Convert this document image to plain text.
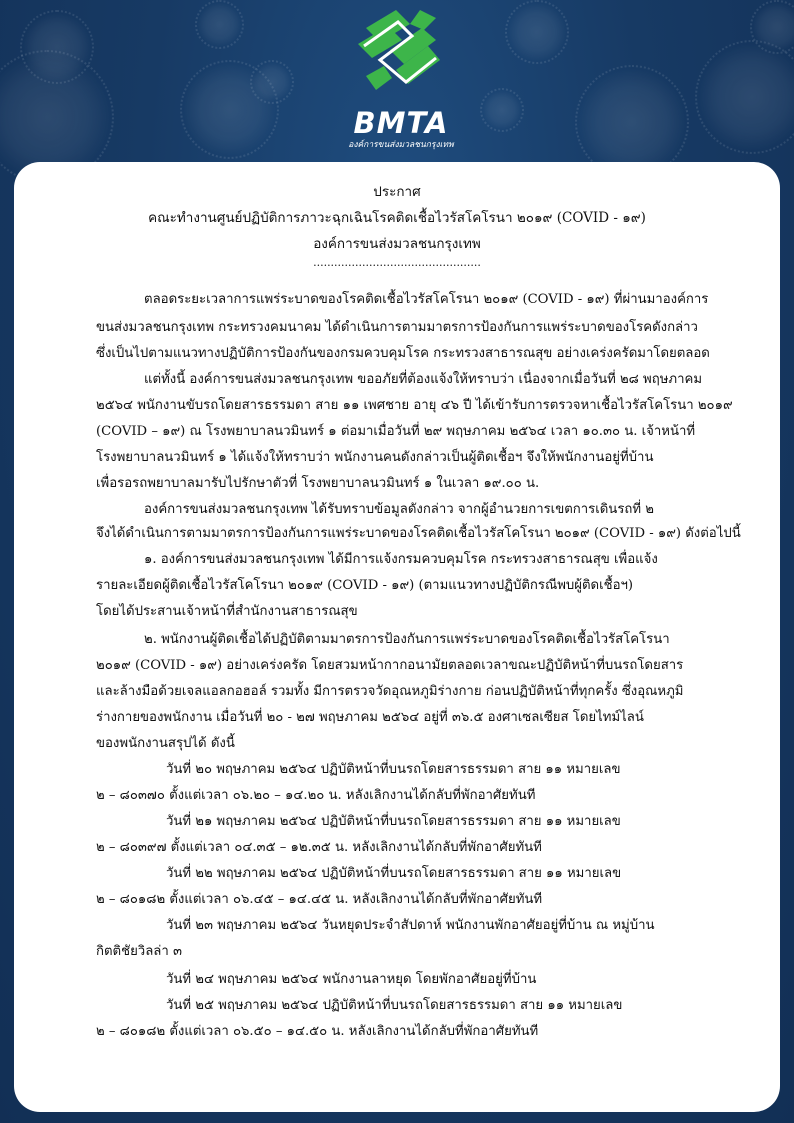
BMTA
องค์การขนส่งมวลชนกรุงเทพ
ประกาศ
คณะทำงานศูนย์ปฏิบัติการภาวะฉุกเฉินโรคติดเชื้อไวรัสโคโรนา ๒๐๑๙ (COVID - ๑๙)
องค์การขนส่งมวลชนกรุงเทพ
................................................
ตลอดระยะเวลาการแพร่ระบาดของโรคติดเชื้อไวรัสโคโรนา ๒๐๑๙ (COVID - ๑๙) ที่ผ่านมาองค์การ
ขนส่งมวลชนกรุงเทพ กระทรวงคมนาคม ได้ดำเนินการตามมาตรการป้องกันการแพร่ระบาดของโรคดังกล่าว
ซึ่งเป็นไปตามแนวทางปฏิบัติการป้องกันของกรมควบคุมโรค กระทรวงสาธารณสุข อย่างเคร่งครัดมาโดยตลอด
แต่ทั้งนี้ องค์การขนส่งมวลชนกรุงเทพ ขออภัยที่ต้องแจ้งให้ทราบว่า เนื่องจากเมื่อวันที่ ๒๘ พฤษภาคม
๒๕๖๔ พนักงานขับรถโดยสารธรรมดา สาย ๑๑ เพศชาย อายุ ๔๖ ปี ได้เข้ารับการตรวจหาเชื้อไวรัสโคโรนา ๒๐๑๙
(COVID – ๑๙) ณ โรงพยาบาลนวมินทร์ ๑ ต่อมาเมื่อวันที่ ๒๙ พฤษภาคม ๒๕๖๔ เวลา ๑๐.๓๐ น. เจ้าหน้าที่
โรงพยาบาลนวมินทร์ ๑ ได้แจ้งให้ทราบว่า พนักงานคนดังกล่าวเป็นผู้ติดเชื้อฯ จึงให้พนักงานอยู่ที่บ้าน
เพื่อรอรถพยาบาลมารับไปรักษาตัวที่ โรงพยาบาลนวมินทร์ ๑ ในเวลา ๑๙.๐๐ น.
องค์การขนส่งมวลชนกรุงเทพ ได้รับทราบข้อมูลดังกล่าว จากผู้อำนวยการเขตการเดินรถที่ ๒
จึงได้ดำเนินการตามมาตรการป้องกันการแพร่ระบาดของโรคติดเชื้อไวรัสโคโรนา ๒๐๑๙ (COVID - ๑๙) ดังต่อไปนี้
๑. องค์การขนส่งมวลชนกรุงเทพ ได้มีการแจ้งกรมควบคุมโรค กระทรวงสาธารณสุข เพื่อแจ้ง
รายละเอียดผู้ติดเชื้อไวรัสโคโรนา ๒๐๑๙ (COVID - ๑๙) (ตามแนวทางปฏิบัติกรณีพบผู้ติดเชื้อฯ)
โดยได้ประสานเจ้าหน้าที่สำนักงานสาธารณสุข
๒. พนักงานผู้ติดเชื้อได้ปฏิบัติตามมาตรการป้องกันการแพร่ระบาดของโรคติดเชื้อไวรัสโคโรนา
๒๐๑๙ (COVID - ๑๙) อย่างเคร่งครัด โดยสวมหน้ากากอนามัยตลอดเวลาขณะปฏิบัติหน้าที่บนรถโดยสาร
และล้างมือด้วยเจลแอลกอฮอล์ รวมทั้ง มีการตรวจวัดอุณหภูมิร่างกาย ก่อนปฏิบัติหน้าที่ทุกครั้ง ซึ่งอุณหภูมิ
ร่างกายของพนักงาน เมื่อวันที่ ๒๐ - ๒๗ พฤษภาคม ๒๕๖๔ อยู่ที่ ๓๖.๕ องศาเซลเซียส โดยไทม์ไลน์
ของพนักงานสรุปได้ ดังนี้
วันที่ ๒๐ พฤษภาคม ๒๕๖๔ ปฏิบัติหน้าที่บนรถโดยสารธรรมดา สาย ๑๑ หมายเลข
๒ – ๘๐๓๗๐ ตั้งแต่เวลา ๐๖.๒๐ – ๑๔.๒๐ น. หลังเลิกงานได้กลับที่พักอาศัยทันที
วันที่ ๒๑ พฤษภาคม ๒๕๖๔ ปฏิบัติหน้าที่บนรถโดยสารธรรมดา สาย ๑๑ หมายเลข
๒ – ๘๐๓๙๗ ตั้งแต่เวลา ๐๔.๓๕ – ๑๒.๓๕ น. หลังเลิกงานได้กลับที่พักอาศัยทันที
วันที่ ๒๒ พฤษภาคม ๒๕๖๔ ปฏิบัติหน้าที่บนรถโดยสารธรรมดา สาย ๑๑ หมายเลข
๒ – ๘๐๑๘๒ ตั้งแต่เวลา ๐๖.๔๕ – ๑๔.๔๕ น. หลังเลิกงานได้กลับที่พักอาศัยทันที
วันที่ ๒๓ พฤษภาคม ๒๕๖๔ วันหยุดประจำสัปดาห์ พนักงานพักอาศัยอยู่ที่บ้าน ณ หมู่บ้าน
กิตติชัยวิลล่า ๓
วันที่ ๒๔ พฤษภาคม ๒๕๖๔ พนักงานลาหยุด โดยพักอาศัยอยู่ที่บ้าน
วันที่ ๒๕ พฤษภาคม ๒๕๖๔ ปฏิบัติหน้าที่บนรถโดยสารธรรมดา สาย ๑๑ หมายเลข
๒ – ๘๐๑๘๒ ตั้งแต่เวลา ๐๖.๕๐ – ๑๔.๕๐ น. หลังเลิกงานได้กลับที่พักอาศัยทันที
